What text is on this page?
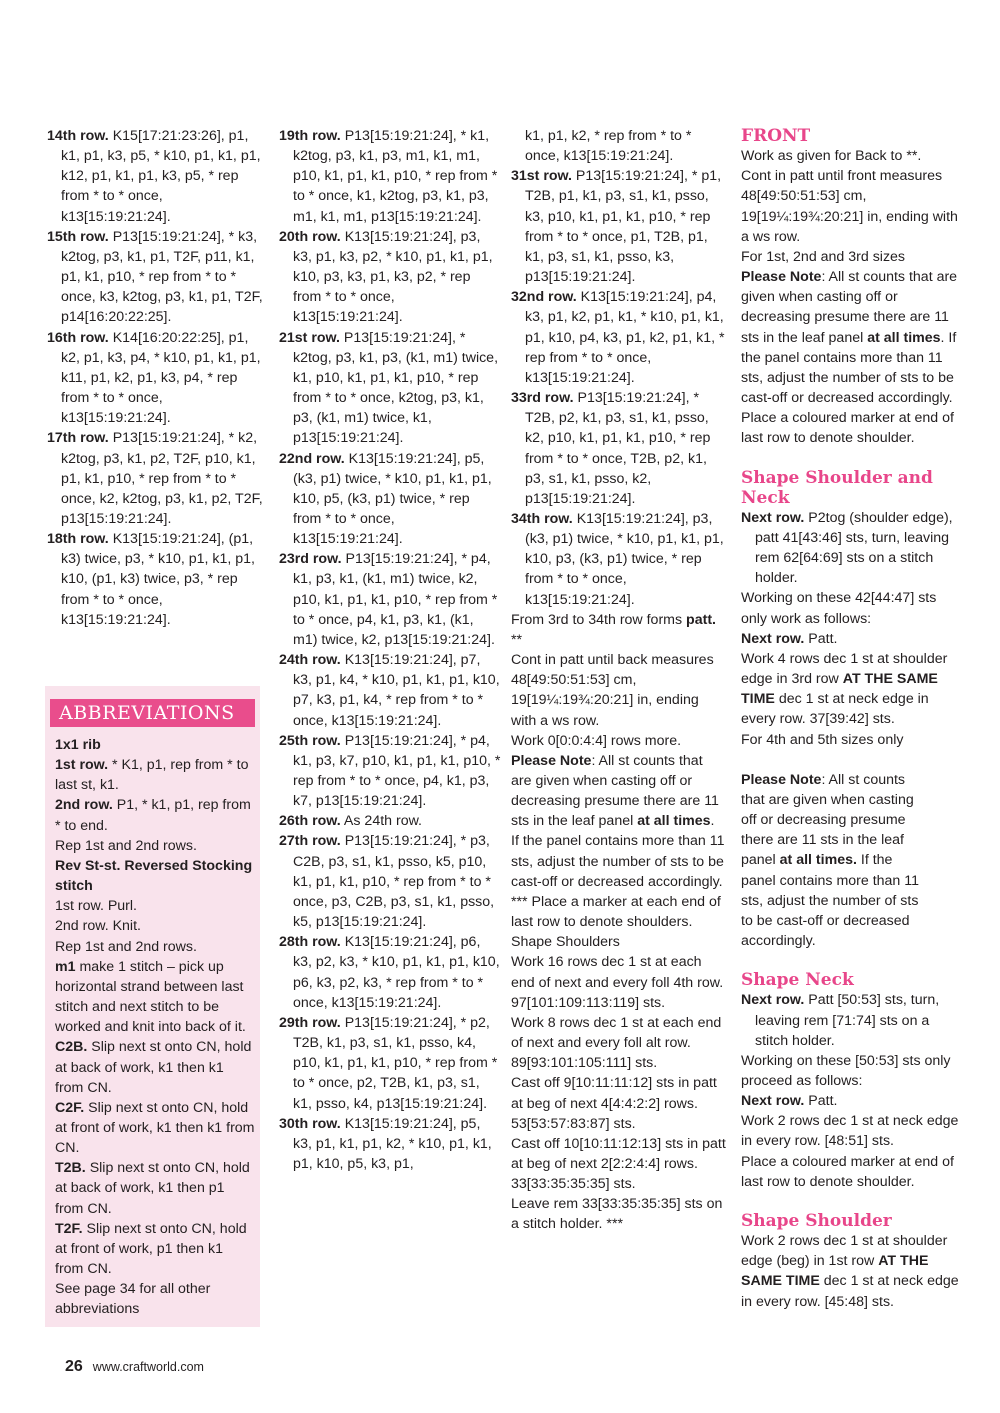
14th row. K15[17:21:23:26], p1, k1, p1, k3, p5, * k10, p1, k1, p1, k12, p1, k1, p1, k3, p5, * rep from * to * once, k13[15:19:21:24].

15th row. P13[15:19:21:24], * k3, k2tog, p3, k1, p1, T2F, p11, k1, p1, k1, p10, * rep from * to * once, k3, k2tog, p3, k1, p1, T2F, p14[16:20:22:25].

16th row. K14[16:20:22:25], p1, k2, p1, k3, p4, * k10, p1, k1, p1, k11, p1, k2, p1, k3, p4, * rep from * to * once, k13[15:19:21:24].

17th row. P13[15:19:21:24], * k2, k2tog, p3, k1, p2, T2F, p10, k1, p1, k1, p10, * rep from * to * once, k2, k2tog, p3, k1, p2, T2F, p13[15:19:21:24].

18th row. K13[15:19:21:24], (p1, k3) twice, p3, * k10, p1, k1, p1, k10, (p1, k3) twice, p3, * rep from * to * once, k13[15:19:21:24].

ABBREVIATIONS

1x1 rib

1st row. * K1, p1, rep from * to last st, k1.

2nd row. P1, * k1, p1, rep from * to end.

Rep 1st and 2nd rows.

Rev St-st. Reversed Stocking stitch

1st row. Purl.

2nd row. Knit.

Rep 1st and 2nd rows.

m1 make 1 stitch – pick up horizontal strand between last stitch and next stitch to be worked and knit into back of it.

C2B. Slip next st onto CN, hold at back of work, k1 then k1 from CN.

C2F. Slip next st onto CN, hold at front of work, k1 then k1 from CN.

T2B. Slip next st onto CN, hold at back of work, k1 then p1 from CN.

T2F. Slip next st onto CN, hold at front of work, p1 then k1 from CN.

See page 34 for all other abbreviations

19th row. P13[15:19:21:24], * k1, k2tog, p3, k1, p3, m1, k1, m1, p10, k1, p1, k1, p10, * rep from * to * once, k1, k2tog, p3, k1, p3, m1, k1, m1, p13[15:19:21:24].

20th row. K13[15:19:21:24], p3, k3, p1, k3, p2, * k10, p1, k1, p1, k10, p3, k3, p1, k3, p2, * rep from * to * once, k13[15:19:21:24].

21st row. P13[15:19:21:24], * k2tog, p3, k1, p3, (k1, m1) twice, k1, p10, k1, p1, k1, p10, * rep from * to * once, k2tog, p3, k1, p3, (k1, m1) twice, k1, p13[15:19:21:24].

22nd row. K13[15:19:21:24], p5, (k3, p1) twice, * k10, p1, k1, p1, k10, p5, (k3, p1) twice, * rep from * to * once, k13[15:19:21:24].

23rd row. P13[15:19:21:24], * p4, k1, p3, k1, (k1, m1) twice, k2, p10, k1, p1, k1, p10, * rep from * to * once, p4, k1, p3, k1, (k1, m1) twice, k2, p13[15:19:21:24].

24th row. K13[15:19:21:24], p7, k3, p1, k4, * k10, p1, k1, p1, k10, p7, k3, p1, k4, * rep from * to * once, k13[15:19:21:24].

25th row. P13[15:19:21:24], * p4, k1, p3, k7, p10, k1, p1, k1, p10, * rep from * to * once, p4, k1, p3, k7, p13[15:19:21:24].

26th row. As 24th row.

27th row. P13[15:19:21:24], * p3, C2B, p3, s1, k1, psso, k5, p10, k1, p1, k1, p10, * rep from * to * once, p3, C2B, p3, s1, k1, psso, k5, p13[15:19:21:24].

28th row. K13[15:19:21:24], p6, k3, p2, k3, * k10, p1, k1, p1, k10, p6, k3, p2, k3, * rep from * to * once, k13[15:19:21:24].

29th row. P13[15:19:21:24], * p2, T2B, k1, p3, s1, k1, psso, k4, p10, k1, p1, k1, p10, * rep from * to * once, p2, T2B, k1, p3, s1, k1, psso, k4, p13[15:19:21:24].

30th row. K13[15:19:21:24], p5, k3, p1, k1, p1, k2, * k10, p1, k1, p1, k10, p5, k3, p1,

k1, p1, k2, * rep from * to * once, k13[15:19:21:24].

31st row. P13[15:19:21:24], * p1, T2B, p1, k1, p3, s1, k1, psso, k3, p10, k1, p1, k1, p10, * rep from * to * once, p1, T2B, p1, k1, p3, s1, k1, psso, k3, p13[15:19:21:24].

32nd row. K13[15:19:21:24], p4, k3, p1, k2, p1, k1, * k10, p1, k1, p1, k10, p4, k3, p1, k2, p1, k1, * rep from * to * once, k13[15:19:21:24].

33rd row. P13[15:19:21:24], * T2B, p2, k1, p3, s1, k1, psso, k2, p10, k1, p1, k1, p10, * rep from * to * once, T2B, p2, k1, p3, s1, k1, psso, k2, p13[15:19:21:24].

34th row. K13[15:19:21:24], p3, (k3, p1) twice, * k10, p1, k1, p1, k10, p3, (k3, p1) twice, * rep from * to * once, k13[15:19:21:24].

From 3rd to 34th row forms patt. **

Cont in patt until back measures 48[49:50:51:53] cm, 19[19¼:19¾:20:21] in, ending with a ws row.

Work 0[0:0:4:4] rows more.

Please Note: All st counts that are given when casting off or decreasing presume there are 11 sts in the leaf panel at all times. If the panel contains more than 11 sts, adjust the number of sts to be cast-off or decreased accordingly.

*** Place a marker at each end of last row to denote shoulders.

Shape Shoulders

Work 16 rows dec 1 st at each end of next and every foll 4th row. 97[101:109:113:119] sts.

Work 8 rows dec 1 st at each end of next and every foll alt row. 89[93:101:105:111] sts.

Cast off 9[10:11:11:12] sts in patt at beg of next 4[4:4:2:2] rows. 53[53:57:83:87] sts.

Cast off 10[10:11:12:13] sts in patt at beg of next 2[2:2:4:4] rows.

33[33:35:35:35] sts.

Leave rem 33[33:35:35:35] sts on a stitch holder. ***

FRONT

Work as given for Back to **.

Cont in patt until front measures 48[49:50:51:53] cm, 19[19¼:19¾:20:21] in, ending with a ws row.

For 1st, 2nd and 3rd sizes

Please Note: All st counts that are given when casting off or decreasing presume there are 11 sts in the leaf panel at all times. If the panel contains more than 11 sts, adjust the number of sts to be cast-off or decreased accordingly.

Place a coloured marker at end of last row to denote shoulder.

Shape Shoulder and Neck

Next row. P2tog (shoulder edge), patt 41[43:46] sts, turn, leaving rem 62[64:69] sts on a stitch holder.

Working on these 42[44:47] sts only work as follows:

Next row. Patt.

Work 4 rows dec 1 st at shoulder edge in 3rd row AT THE SAME TIME dec 1 st at neck edge in every row. 37[39:42] sts.

For 4th and 5th sizes only

Please Note: All st counts that are given when casting off or decreasing presume there are 11 sts in the leaf panel at all times. If the panel contains more than 11 sts, adjust the number of sts to be cast-off or decreased accordingly.

Shape Neck

Next row. Patt [50:53] sts, turn, leaving rem [71:74] sts on a stitch holder.

Working on these [50:53] sts only proceed as follows:

Next row. Patt.

Work 2 rows dec 1 st at neck edge in every row. [48:51] sts.

Place a coloured marker at end of last row to denote shoulder.

Shape Shoulder

Work 2 rows dec 1 st at shoulder edge (beg) in 1st row AT THE SAME TIME dec 1 st at neck edge in every row. [45:48] sts.

26 www.craftworld.com
